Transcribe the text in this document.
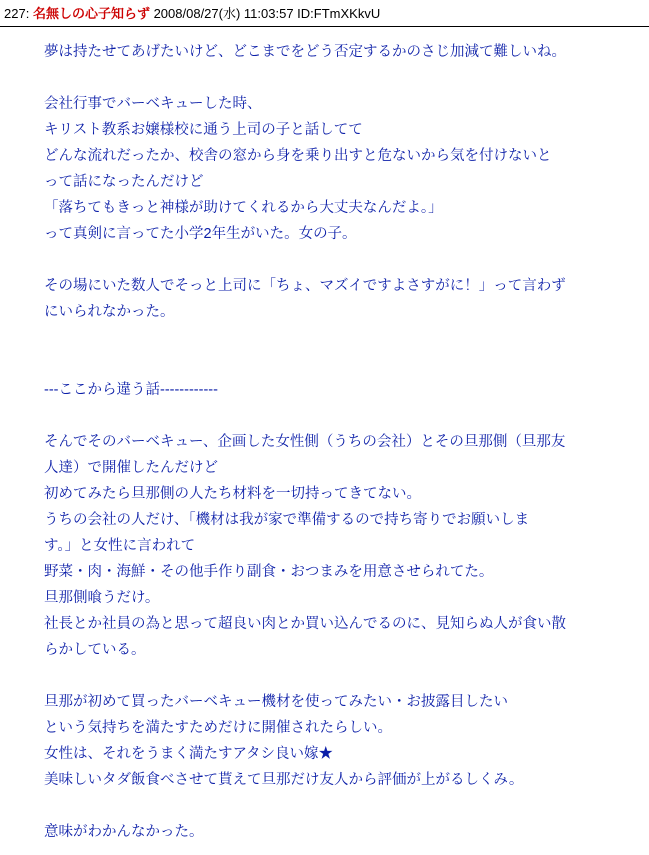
227: 名無しの心子知らず 2008/08/27(水) 11:03:57 ID:FTmXKkvU
夢は持たせてあげたいけど、どこまでをどう否定するかのさじ加減て難しいね。
会社行事でバーベキューした時、
キリスト教系お嬢様校に通う上司の子と話してて
どんな流れだったか、校舎の窓から身を乗り出すと危ないから気を付けないと
って話になったんだけど
「落ちてもきっと神様が助けてくれるから大丈夫なんだよ。」
って真剣に言ってた小学2年生がいた。女の子。
その場にいた数人でそっと上司に「ちょ、マズイですよさすがに！」って言わず
にいられなかった。
---ここから違う話------------
そんでそのバーベキュー、企画した女性側（うちの会社）とその旦那側（旦那友
人達）で開催したんだけど
初めてみたら旦那側の人たち材料を一切持ってきてない。
うちの会社の人だけ、「機材は我が家で準備するので持ち寄りでお願いしま
す。」と女性に言われて
野菜・肉・海鮮・その他手作り副食・おつまみを用意させられてた。
旦那側喰うだけ。
社長とか社員の為と思って超良い肉とか買い込んでるのに、見知らぬ人が食い散
らかしている。
旦那が初めて買ったバーベキュー機材を使ってみたい・お披露目したい
という気持ちを満たすためだけに開催されたらしい。
女性は、それをうまく満たすアタシ良い嫁★
美味しいタダ飯食べさせて貰えて旦那だけ友人から評価が上がるしくみ。
意味がわかんなかった。
